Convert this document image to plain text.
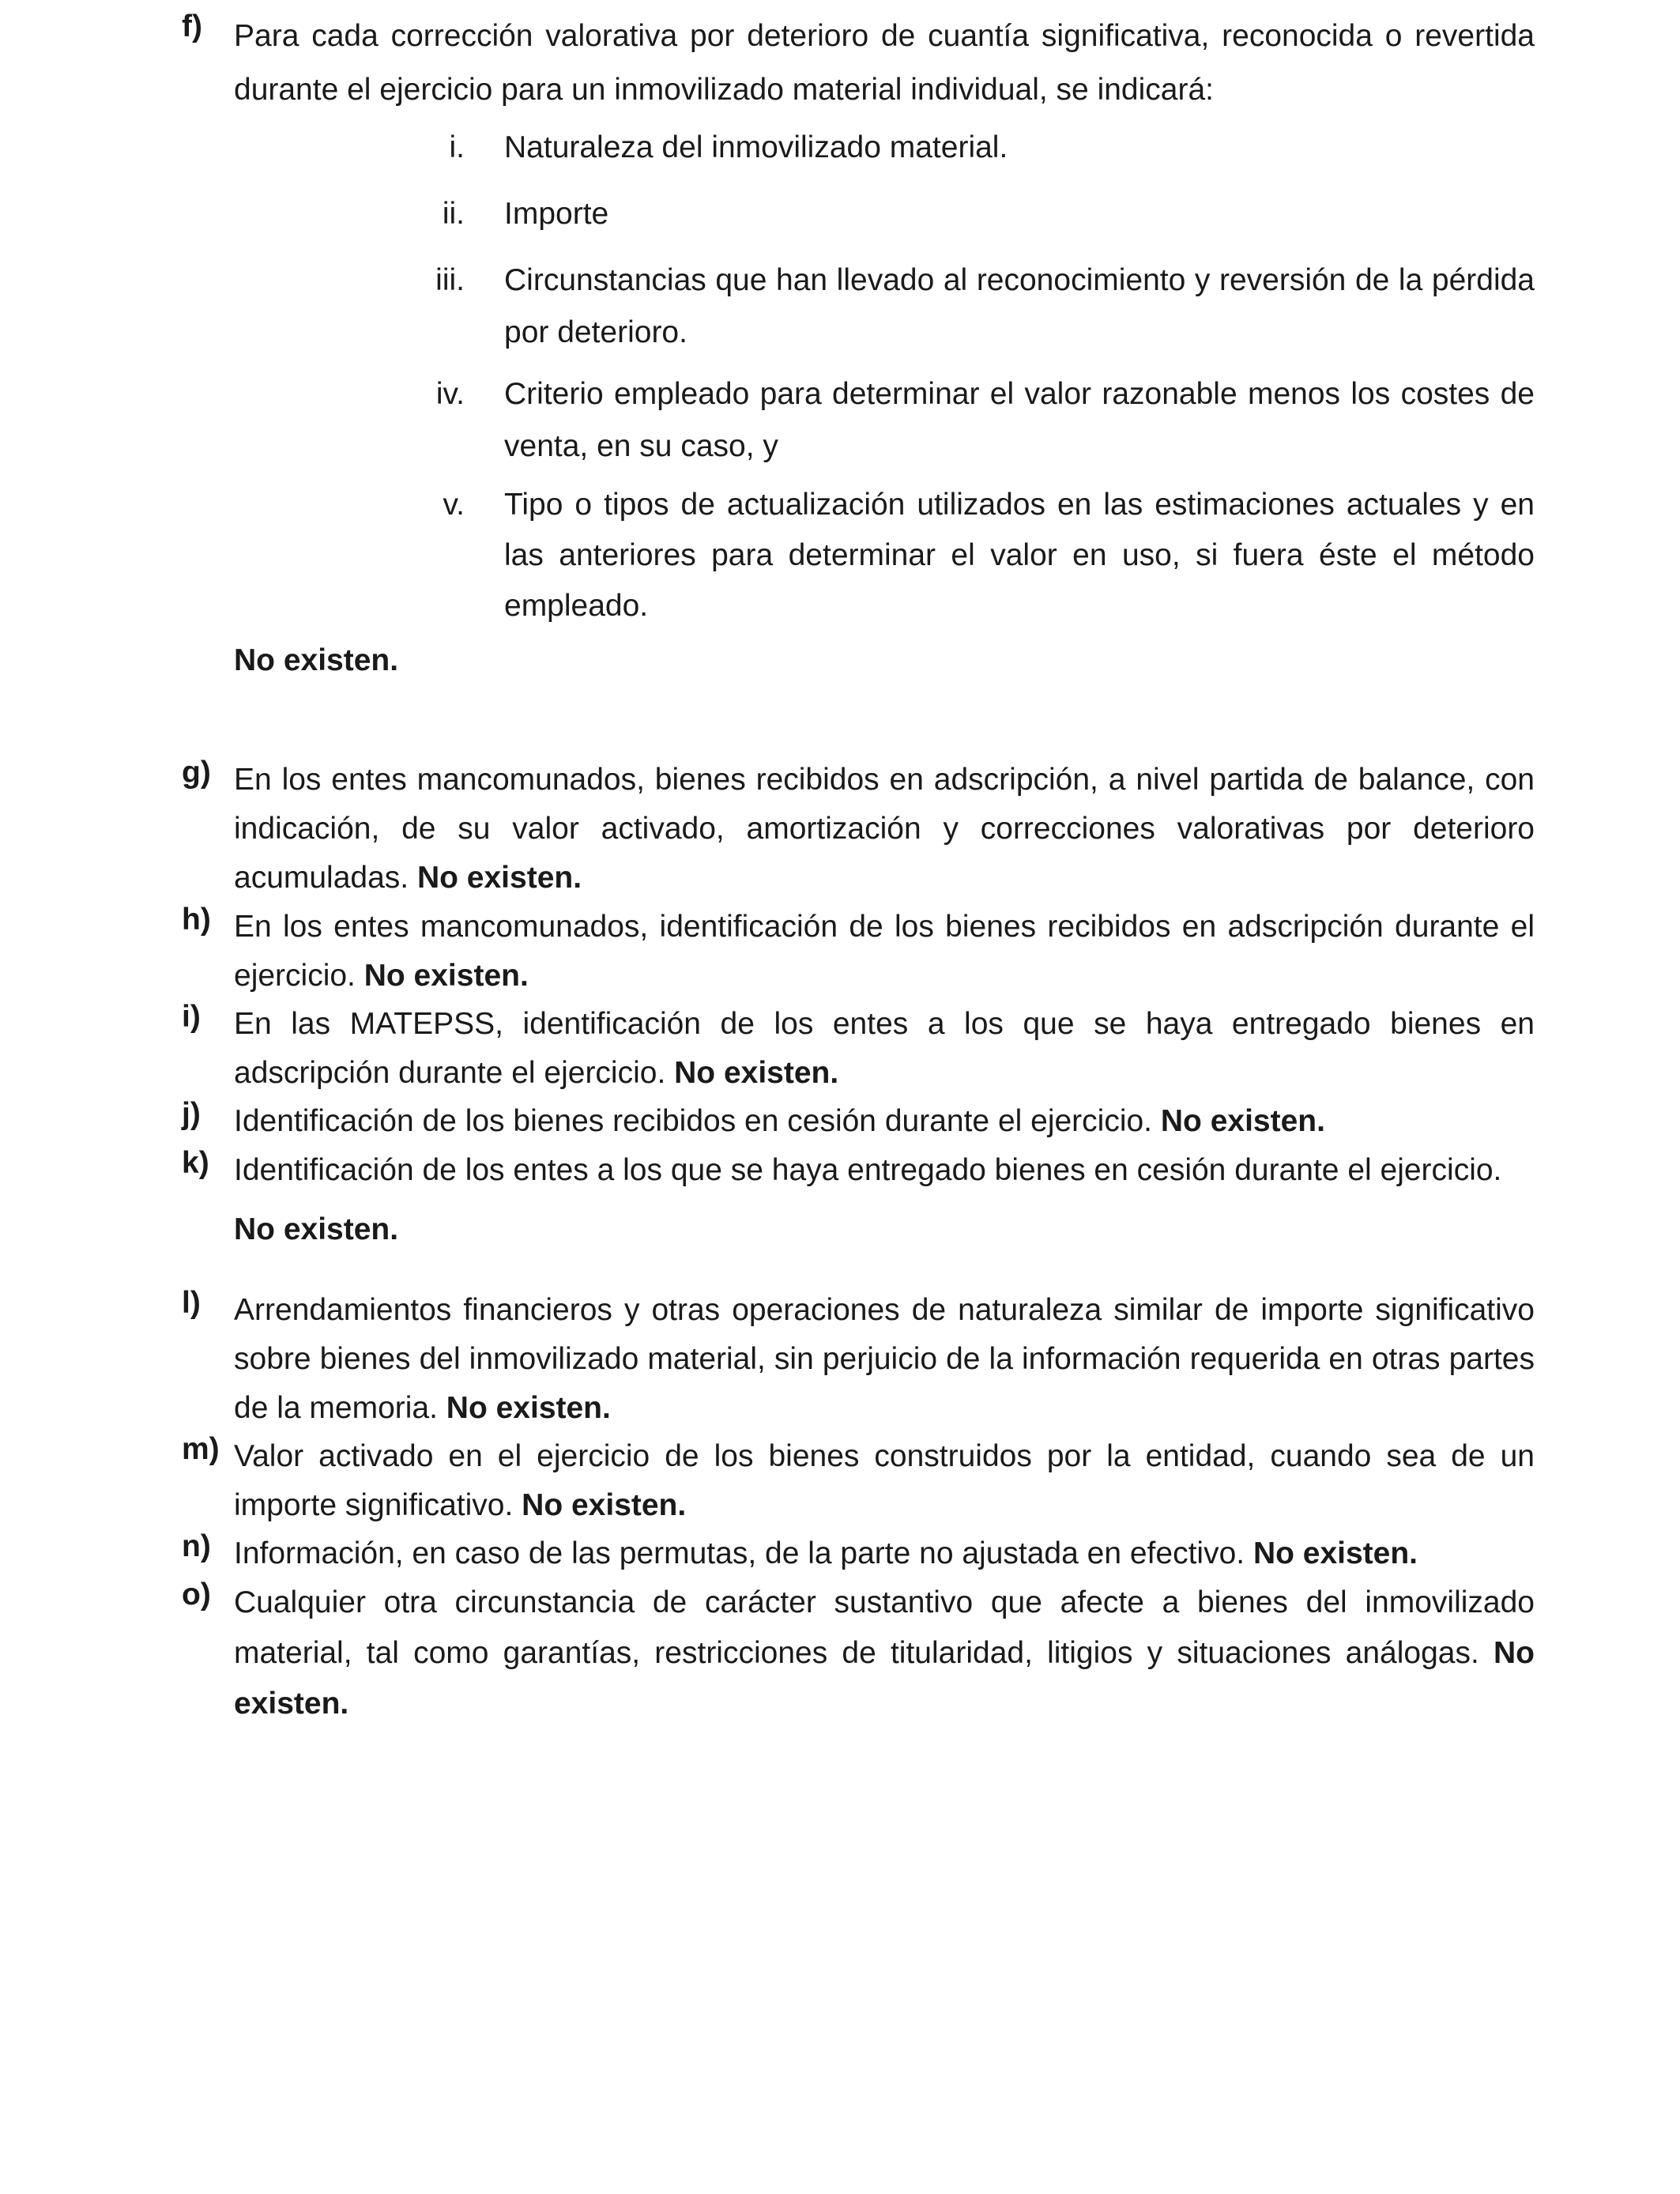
f) Para cada corrección valorativa por deterioro de cuantía significativa, reconocida o revertida durante el ejercicio para un inmovilizado material individual, se indicará:
i. Naturaleza del inmovilizado material.
ii. Importe
iii. Circunstancias que han llevado al reconocimiento y reversión de la pérdida por deterioro.
iv. Criterio empleado para determinar el valor razonable menos los costes de venta, en su caso, y
v. Tipo o tipos de actualización utilizados en las estimaciones actuales y en las anteriores para determinar el valor en uso, si fuera éste el método empleado.
No existen.
g) En los entes mancomunados, bienes recibidos en adscripción, a nivel partida de balance, con indicación, de su valor activado, amortización y correcciones valorativas por deterioro acumuladas. No existen.
h) En los entes mancomunados, identificación de los bienes recibidos en adscripción durante el ejercicio. No existen.
i) En las MATEPSS, identificación de los entes a los que se haya entregado bienes en adscripción durante el ejercicio. No existen.
j) Identificación de los bienes recibidos en cesión durante el ejercicio. No existen.
k) Identificación de los entes a los que se haya entregado bienes en cesión durante el ejercicio.
No existen.
l) Arrendamientos financieros y otras operaciones de naturaleza similar de importe significativo sobre bienes del inmovilizado material, sin perjuicio de la información requerida en otras partes de la memoria. No existen.
m) Valor activado en el ejercicio de los bienes construidos por la entidad, cuando sea de un importe significativo. No existen.
n) Información, en caso de las permutas, de la parte no ajustada en efectivo. No existen.
o) Cualquier otra circunstancia de carácter sustantivo que afecte a bienes del inmovilizado material, tal como garantías, restricciones de titularidad, litigios y situaciones análogas. No existen.
